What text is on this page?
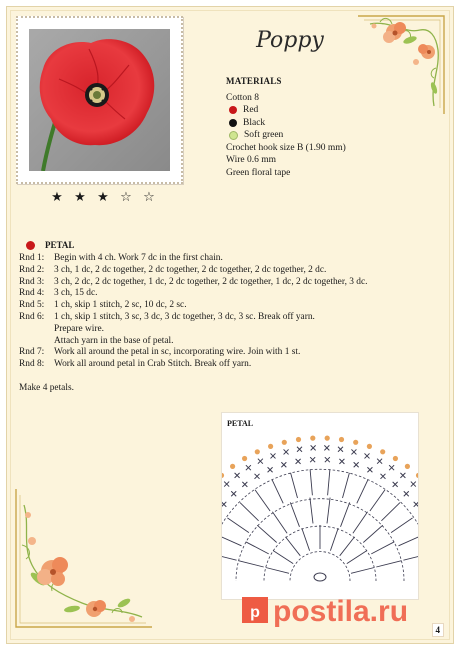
Poppy
MATERIALS
Cotton 8
Red
Black
Soft green
Crochet hook size B (1.90 mm)
Wire 0.6 mm
Green floral tape
★ ★ ★ ☆ ☆
PETAL
Rnd 1:	Begin with 4 ch. Work 7 dc in the first chain.
Rnd 2:	3 ch, 1 dc, 2 dc together, 2 dc together, 2 dc together, 2 dc together, 2 dc.
Rnd 3:	3 ch, 2 dc, 2 dc together, 1 dc, 2 dc together, 2 dc together, 1 dc, 2 dc together, 3 dc.
Rnd 4:	3 ch, 15 dc.
Rnd 5:	1 ch, skip 1 stitch, 2 sc, 10 dc, 2 sc.
Rnd 6:	1 ch, skip 1 stitch, 3 sc, 3 dc, 3 dc together, 3 dc, 3 sc. Break off yarn.
Prepare wire.
Attach yarn in the base of petal.
Rnd 7:	Work all around the petal in sc, incorporating wire. Join with 1 st.
Rnd 8:	Work all around petal in Crab Stitch. Break off yarn.
Make 4 petals.
PETAL
p postila.ru
4
